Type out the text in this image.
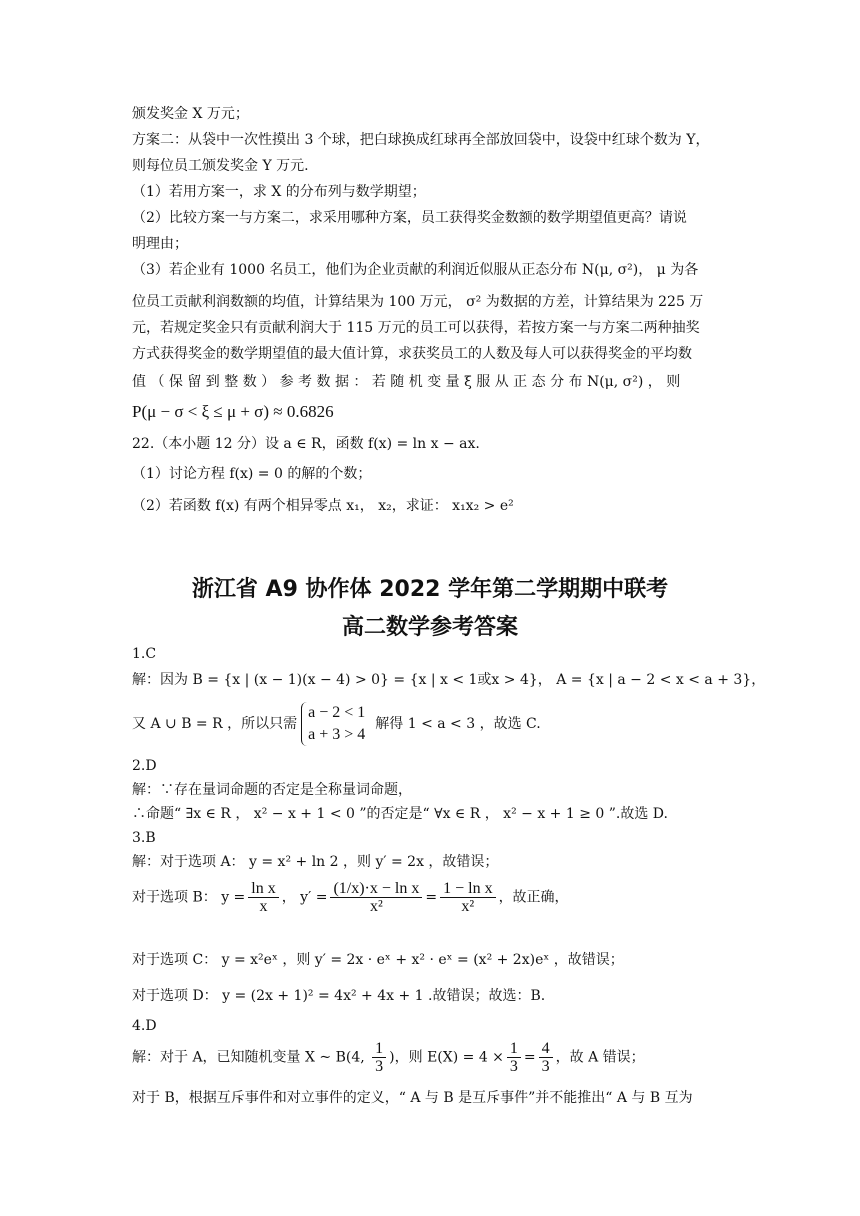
颁发奖金 X 万元；
方案二：从袋中一次性摸出 3 个球，把白球换成红球再全部放回袋中，设袋中红球个数为 Y，
则每位员工颁发奖金 Y 万元.
（1）若用方案一，求 X 的分布列与数学期望；
（2）比较方案一与方案二，求采用哪种方案，员工获得奖金数额的数学期望值更高？请说
明理由；
（3）若企业有 1000 名员工，他们为企业贡献的利润近似服从正态分布 N(μ, σ²)， μ 为各
位员工贡献利润数额的均值，计算结果为 100 万元， σ² 为数据的方差，计算结果为 225 万
元，若规定奖金只有贡献利润大于 115 万元的员工可以获得，若按方案一与方案二两种抽奖
方式获得奖金的数学期望值的最大值计算，求获奖员工的人数及每人可以获得奖金的平均数
值 （ 保 留 到 整 数 ） 参 考 数 据 ： 若 随 机 变 量 ξ 服 从 正 态 分 布 N(μ, σ²) ， 则
P(μ − σ < ξ ≤ μ + σ) ≈ 0.6826
22.（本小题 12 分）设 a ∈ R，函数 f(x) = ln x − ax.
（1）讨论方程 f(x) = 0 的解的个数；
（2）若函数 f(x) 有两个相异零点 x₁， x₂，求证： x₁x₂ > e²
浙江省 A9 协作体 2022 学年第二学期期中联考
高二数学参考答案
1.C
解：因为 B = {x | (x − 1)(x − 4) > 0} = {x | x < 1或x > 4}， A = {x | a − 2 < x < a + 3}，
又 A ∪ B = R ，所以只需
a − 2 < 1
a + 3 > 4
解得 1 < a < 3 ，故选 C.
2.D
解：∵存在量词命题的否定是全称量词命题，
∴命题“ ∃x ∈ R ， x² − x + 1 < 0 ”的否定是“ ∀x ∈ R ， x² − x + 1 ≥ 0 ”.故选 D.
3.B
解：对于选项 A： y = x² + ln 2 ，则 y′ = 2x ，故错误；
对于选项 B： $y = \frac{\text{ln x}}{x}$ ， $y' = \frac{\text{(1/x)·x − ln x}}{\text{x²}} = \frac{\text{1 − ln x}}{\text{x²}}$ ，故正确，
对于选项 C： y = x²eˣ ，则 y′ = 2x · eˣ + x² · eˣ = (x² + 2x)eˣ ，故错误；
对于选项 D： y = (2x + 1)² = 4x² + 4x + 1 .故错误；故选：B.
4.D
解：对于 A，已知随机变量 X ~ B(4, $\frac{1}{3}$ )，则 $E(X) = 4 \times \frac{1}{3} = \frac{4}{3}$ ，故 A 错误；
对于 B，根据互斥事件和对立事件的定义，“ A 与 B 是互斥事件”并不能推出“ A 与 B 互为
